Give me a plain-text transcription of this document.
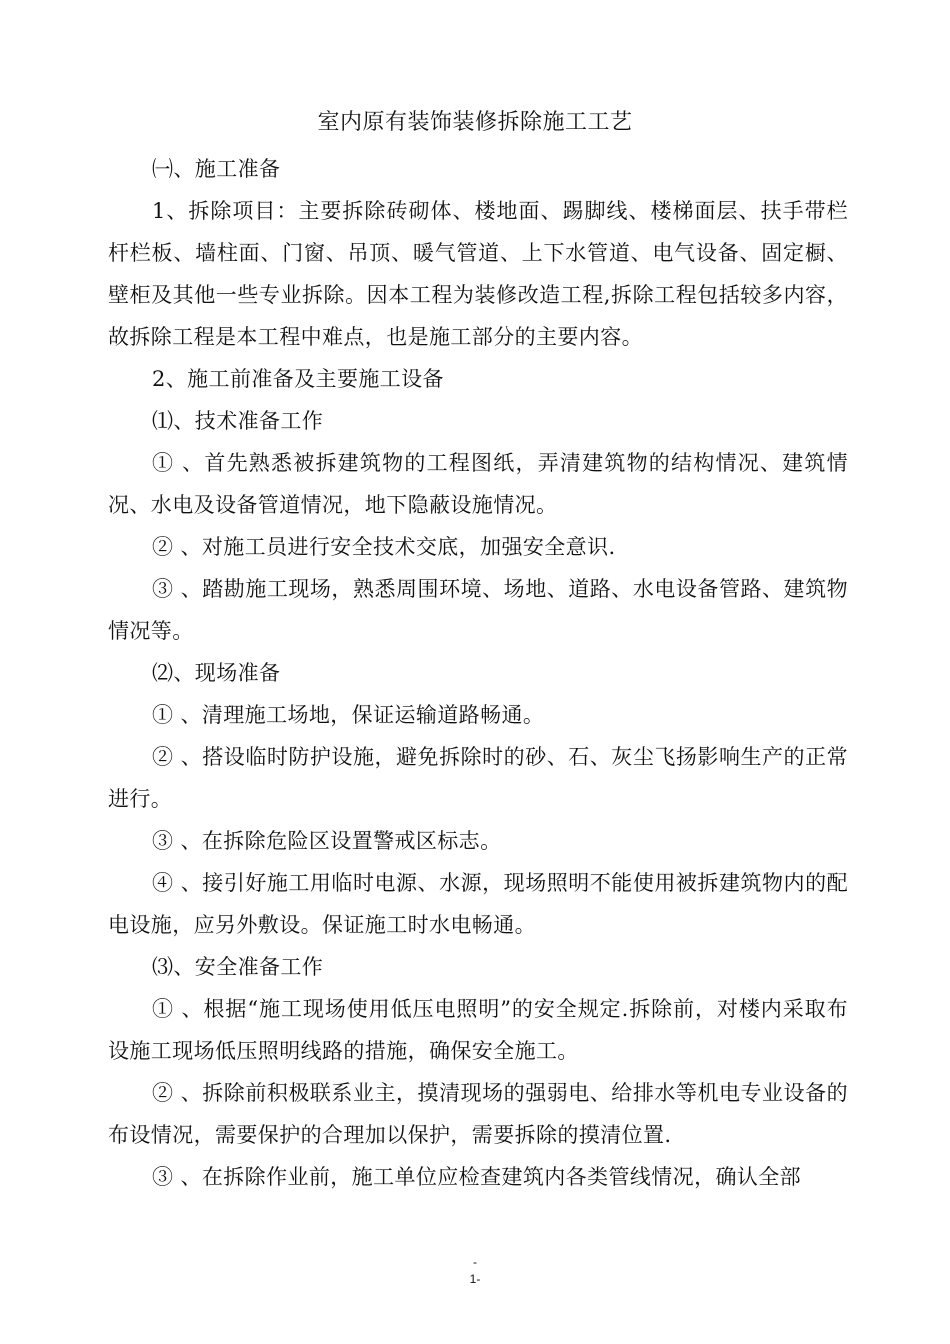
室内原有装饰装修拆除施工工艺

㈠、施工准备

1、拆除项目：主要拆除砖砌体、楼地面、踢脚线、楼梯面层、扶手带栏杆栏板、墙柱面、门窗、吊顶、暖气管道、上下水管道、电气设备、固定橱、壁柜及其他一些专业拆除。因本工程为装修改造工程,拆除工程包括较多内容，故拆除工程是本工程中难点，也是施工部分的主要内容。

2、施工前准备及主要施工设备

⑴、技术准备工作

① 、首先熟悉被拆建筑物的工程图纸，弄清建筑物的结构情况、建筑情况、水电及设备管道情况，地下隐蔽设施情况。

② 、对施工员进行安全技术交底，加强安全意识.

③ 、踏勘施工现场，熟悉周围环境、场地、道路、水电设备管路、建筑物情况等。

⑵、现场准备

① 、清理施工场地，保证运输道路畅通。

② 、搭设临时防护设施，避免拆除时的砂、石、灰尘飞扬影响生产的正常进行。

③ 、在拆除危险区设置警戒区标志。

④ 、接引好施工用临时电源、水源，现场照明不能使用被拆建筑物内的配电设施，应另外敷设。保证施工时水电畅通。

⑶、安全准备工作

① 、根据“施工现场使用低压电照明”的安全规定.拆除前，对楼内采取布设施工现场低压照明线路的措施，确保安全施工。

② 、拆除前积极联系业主，摸清现场的强弱电、给排水等机电专业设备的布设情况，需要保护的合理加以保护，需要拆除的摸清位置.

③ 、在拆除作业前，施工单位应检查建筑内各类管线情况，确认全部

-
1-
